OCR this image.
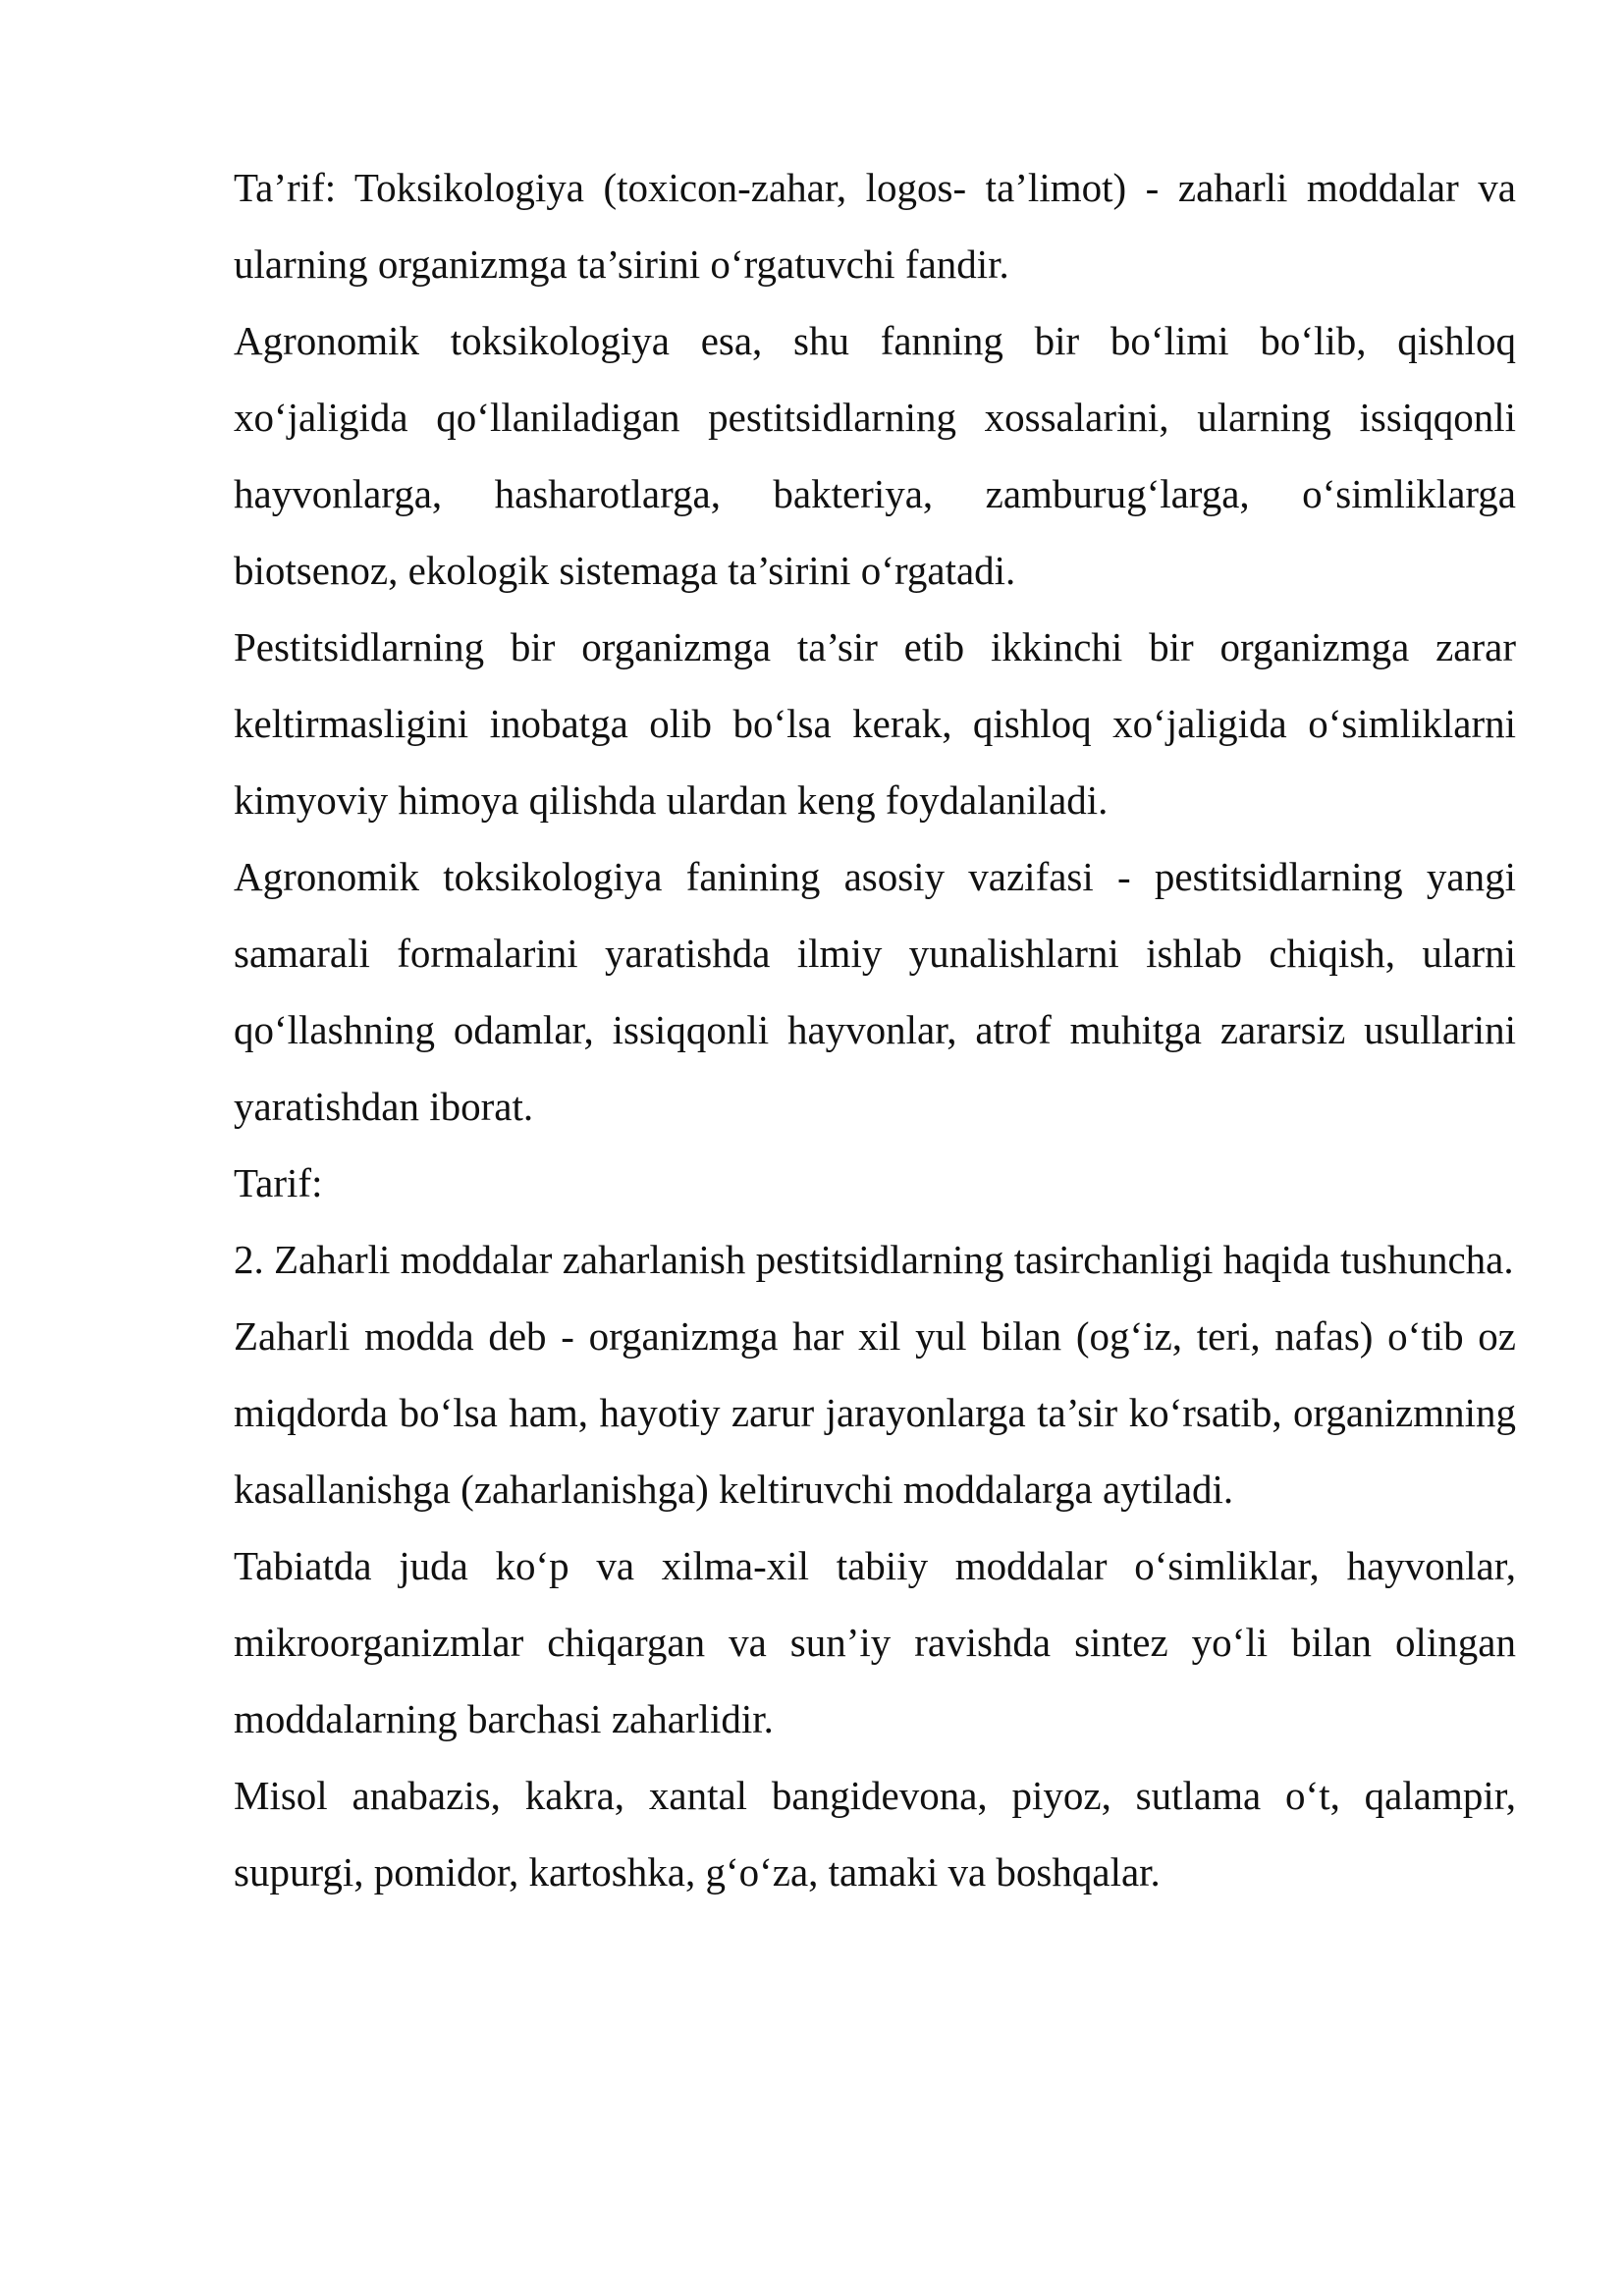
Ta’rif: Toksikologiya (toxicon-zahar, logos- ta’limot) - zaharli moddalar va ularning organizmga ta’sirini o‘rgatuvchi fandir.

Agronomik toksikologiya esa, shu fanning bir bo‘limi bo‘lib, qishloq xo‘jaligida qo‘llaniladigan pestitsidlarning xossalarini, ularning issiqqonli hayvonlarga, hasharotlarga, bakteriya, zamburug‘larga, o‘simliklarga biotsenoz, ekologik sistemaga ta’sirini o‘rgatadi.

Pestitsidlarning bir organizmga ta’sir etib ikkinchi bir organizmga zarar keltirmasligini inobatga olib bo‘lsa kerak, qishloq xo‘jaligida o‘simliklarni kimyoviy himoya qilishda ulardan keng foydalaniladi.

Agronomik toksikologiya fanining asosiy vazifasi - pestitsidlarning yangi samarali formalarini yaratishda ilmiy yunalishlarni ishlab chiqish, ularni qo‘llashning odamlar, issiqqonli hayvonlar, atrof muhitga zararsiz usullarini yaratishdan iborat.

Tarif:

2. Zaharli moddalar zaharlanish pestitsidlarning tasirchanligi haqida tushuncha.

Zaharli modda deb - organizmga har xil yul bilan (og‘iz, teri, nafas) o‘tib oz miqdorda bo‘lsa ham, hayotiy zarur jarayonlarga ta’sir ko‘rsatib, organizmning kasallanishga (zaharlanishga) keltiruvchi moddalarga aytiladi.

Tabiatda juda ko‘p va xilma-xil tabiiy moddalar o‘simliklar, hayvonlar, mikroorganizmlar chiqargan va sun’iy ravishda sintez yo‘li bilan olingan moddalarning barchasi zaharlidir.

Misol anabazis, kakra, xantal bangidevona, piyoz, sutlama o‘t, qalampir, supurgi, pomidor, kartoshka, g‘o‘za, tamaki va boshqalar.
